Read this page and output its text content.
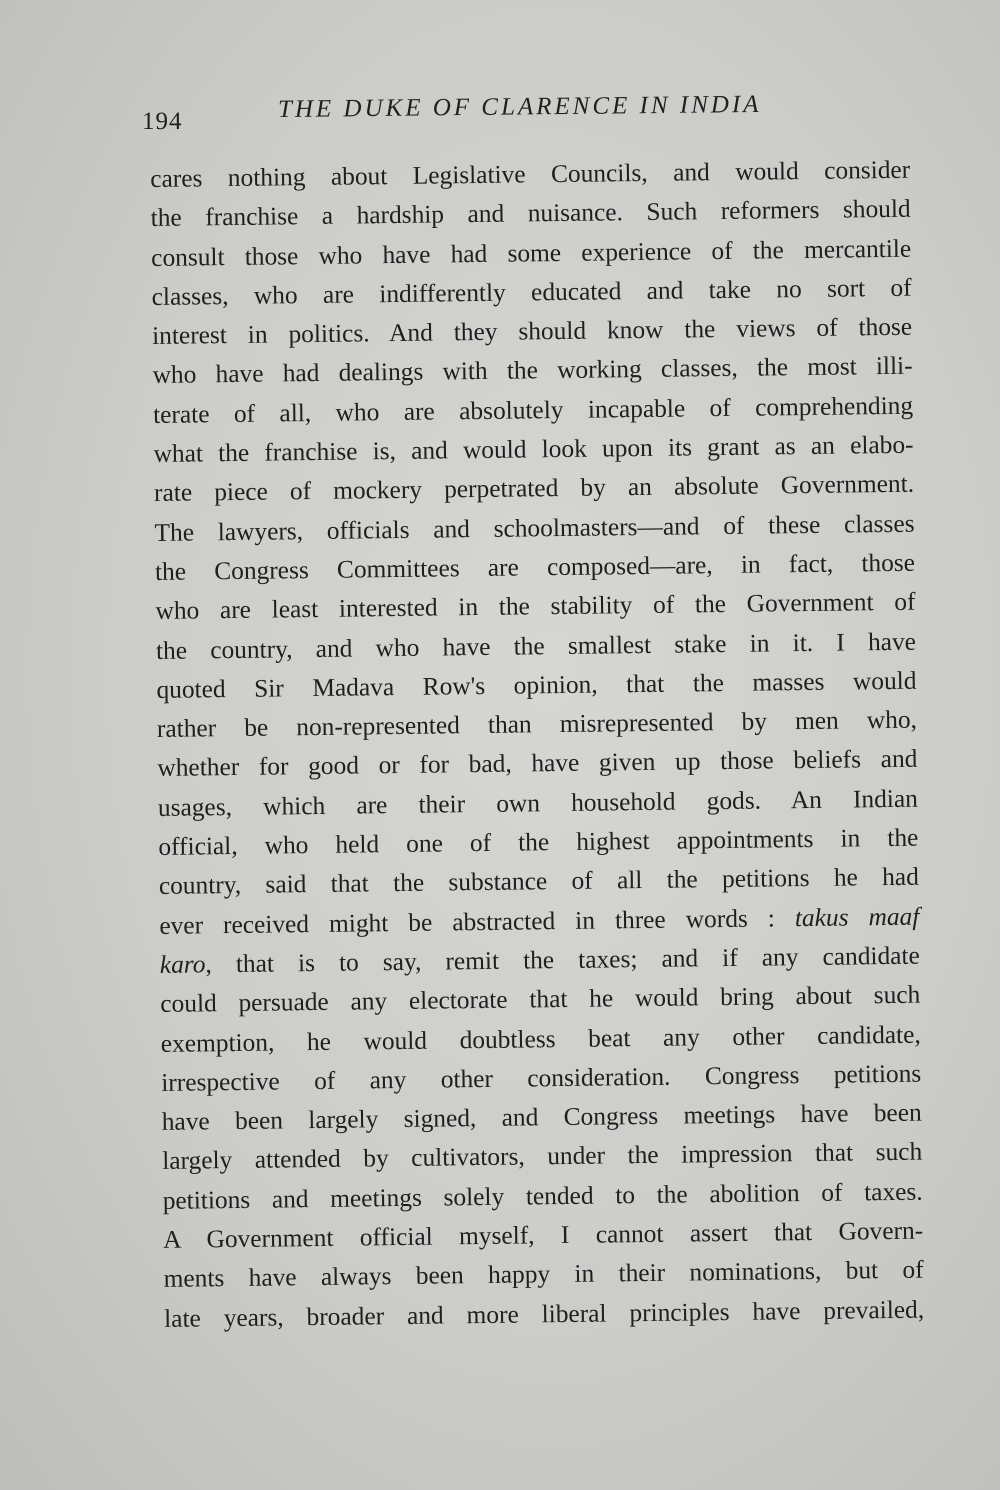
194	THE DUKE OF CLARENCE IN INDIA
cares nothing about Legislative Councils, and would consider
the franchise a hardship and nuisance. Such reformers should
consult those who have had some experience of the mercantile
classes, who are indifferently educated and take no sort of
interest in politics. And they should know the views of those
who have had dealings with the working classes, the most illi-
terate of all, who are absolutely incapable of comprehending
what the franchise is, and would look upon its grant as an elabo-
rate piece of mockery perpetrated by an absolute Government.
The lawyers, officials and schoolmasters—and of these classes
the Congress Committees are composed—are, in fact, those
who are least interested in the stability of the Government of
the country, and who have the smallest stake in it. I have
quoted Sir Madava Row's opinion, that the masses would
rather be non-represented than misrepresented by men who,
whether for good or for bad, have given up those beliefs and
usages, which are their own household gods. An Indian
official, who held one of the highest appointments in the
country, said that the substance of all the petitions he had
ever received might be abstracted in three words : takus maaf
karo, that is to say, remit the taxes; and if any candidate
could persuade any electorate that he would bring about such
exemption, he would doubtless beat any other candidate,
irrespective of any other consideration. Congress petitions
have been largely signed, and Congress meetings have been
largely attended by cultivators, under the impression that such
petitions and meetings solely tended to the abolition of taxes.
A Government official myself, I cannot assert that Govern-
ments have always been happy in their nominations, but of
late years, broader and more liberal principles have prevailed,
